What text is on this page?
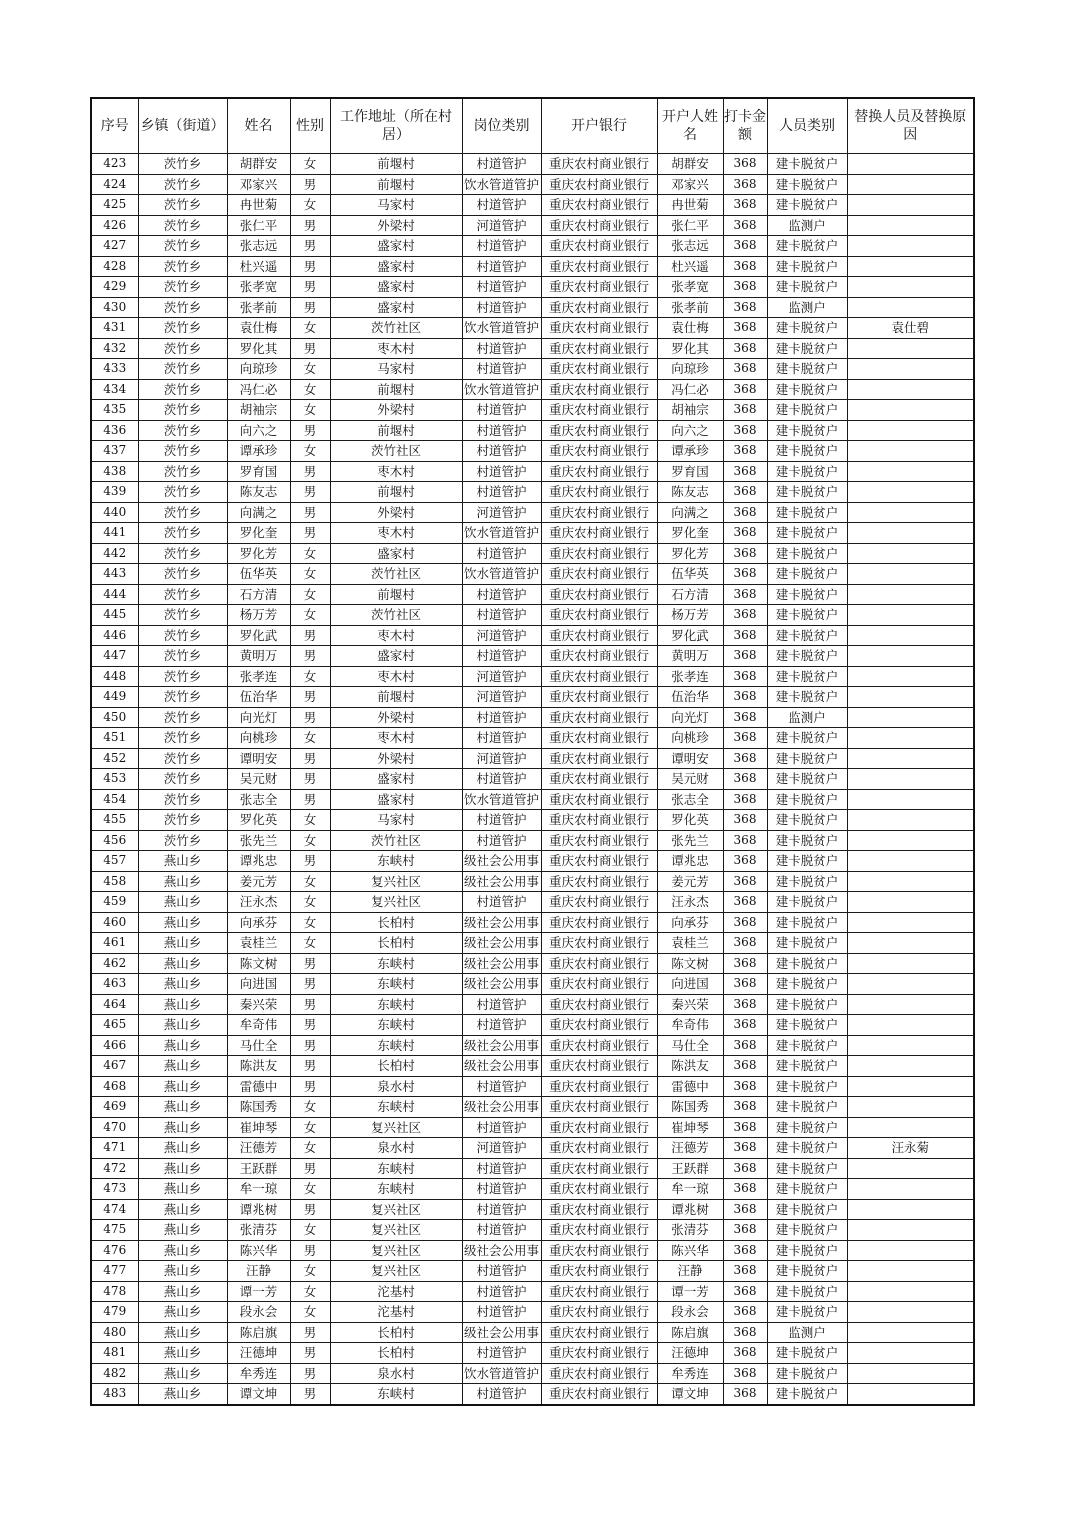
序号	乡镇（街道）	姓名	性别	工作地址（所在村居）	岗位类别	开户银行	开户人姓名	打卡金额	人员类别	替换人员及替换原因
423	茨竹乡	胡群安	女	前堰村	村道管护	重庆农村商业银行	胡群安	368	建卡脱贫户	
424	茨竹乡	邓家兴	男	前堰村	饮水管道管护	重庆农村商业银行	邓家兴	368	建卡脱贫户	
425	茨竹乡	冉世菊	女	马家村	村道管护	重庆农村商业银行	冉世菊	368	建卡脱贫户	
426	茨竹乡	张仁平	男	外梁村	河道管护	重庆农村商业银行	张仁平	368	监测户	
427	茨竹乡	张志远	男	盛家村	村道管护	重庆农村商业银行	张志远	368	建卡脱贫户	
428	茨竹乡	杜兴遥	男	盛家村	村道管护	重庆农村商业银行	杜兴遥	368	建卡脱贫户	
429	茨竹乡	张孝宽	男	盛家村	村道管护	重庆农村商业银行	张孝宽	368	建卡脱贫户	
430	茨竹乡	张孝前	男	盛家村	村道管护	重庆农村商业银行	张孝前	368	监测户	
431	茨竹乡	袁仕梅	女	茨竹社区	饮水管道管护	重庆农村商业银行	袁仕梅	368	建卡脱贫户	袁仕碧
432	茨竹乡	罗化其	男	枣木村	村道管护	重庆农村商业银行	罗化其	368	建卡脱贫户	
433	茨竹乡	向琼珍	女	马家村	村道管护	重庆农村商业银行	向琼珍	368	建卡脱贫户	
434	茨竹乡	冯仁必	女	前堰村	饮水管道管护	重庆农村商业银行	冯仁必	368	建卡脱贫户	
435	茨竹乡	胡袖宗	女	外梁村	村道管护	重庆农村商业银行	胡袖宗	368	建卡脱贫户	
436	茨竹乡	向六之	男	前堰村	村道管护	重庆农村商业银行	向六之	368	建卡脱贫户	
437	茨竹乡	谭承珍	女	茨竹社区	村道管护	重庆农村商业银行	谭承珍	368	建卡脱贫户	
438	茨竹乡	罗育国	男	枣木村	村道管护	重庆农村商业银行	罗育国	368	建卡脱贫户	
439	茨竹乡	陈友志	男	前堰村	村道管护	重庆农村商业银行	陈友志	368	建卡脱贫户	
440	茨竹乡	向满之	男	外梁村	河道管护	重庆农村商业银行	向满之	368	建卡脱贫户	
441	茨竹乡	罗化奎	男	枣木村	饮水管道管护	重庆农村商业银行	罗化奎	368	建卡脱贫户	
442	茨竹乡	罗化芳	女	盛家村	村道管护	重庆农村商业银行	罗化芳	368	建卡脱贫户	
443	茨竹乡	伍华英	女	茨竹社区	饮水管道管护	重庆农村商业银行	伍华英	368	建卡脱贫户	
444	茨竹乡	石方清	女	前堰村	村道管护	重庆农村商业银行	石方清	368	建卡脱贫户	
445	茨竹乡	杨万芳	女	茨竹社区	村道管护	重庆农村商业银行	杨万芳	368	建卡脱贫户	
446	茨竹乡	罗化武	男	枣木村	河道管护	重庆农村商业银行	罗化武	368	建卡脱贫户	
447	茨竹乡	黄明万	男	盛家村	村道管护	重庆农村商业银行	黄明万	368	建卡脱贫户	
448	茨竹乡	张孝连	女	枣木村	河道管护	重庆农村商业银行	张孝连	368	建卡脱贫户	
449	茨竹乡	伍治华	男	前堰村	河道管护	重庆农村商业银行	伍治华	368	建卡脱贫户	
450	茨竹乡	向光灯	男	外梁村	村道管护	重庆农村商业银行	向光灯	368	监测户	
451	茨竹乡	向桃珍	女	枣木村	村道管护	重庆农村商业银行	向桃珍	368	建卡脱贫户	
452	茨竹乡	谭明安	男	外梁村	河道管护	重庆农村商业银行	谭明安	368	建卡脱贫户	
453	茨竹乡	吴元财	男	盛家村	村道管护	重庆农村商业银行	吴元财	368	建卡脱贫户	
454	茨竹乡	张志全	男	盛家村	饮水管道管护	重庆农村商业银行	张志全	368	建卡脱贫户	
455	茨竹乡	罗化英	女	马家村	村道管护	重庆农村商业银行	罗化英	368	建卡脱贫户	
456	茨竹乡	张先兰	女	茨竹社区	村道管护	重庆农村商业银行	张先兰	368	建卡脱贫户	
457	燕山乡	谭兆忠	男	东峡村	级社会公用事	重庆农村商业银行	谭兆忠	368	建卡脱贫户	
458	燕山乡	姜元芳	女	复兴社区	级社会公用事	重庆农村商业银行	姜元芳	368	建卡脱贫户	
459	燕山乡	汪永杰	女	复兴社区	村道管护	重庆农村商业银行	汪永杰	368	建卡脱贫户	
460	燕山乡	向承芬	女	长柏村	级社会公用事	重庆农村商业银行	向承芬	368	建卡脱贫户	
461	燕山乡	袁桂兰	女	长柏村	级社会公用事	重庆农村商业银行	袁桂兰	368	建卡脱贫户	
462	燕山乡	陈文树	男	东峡村	级社会公用事	重庆农村商业银行	陈文树	368	建卡脱贫户	
463	燕山乡	向进国	男	东峡村	级社会公用事	重庆农村商业银行	向进国	368	建卡脱贫户	
464	燕山乡	秦兴荣	男	东峡村	村道管护	重庆农村商业银行	秦兴荣	368	建卡脱贫户	
465	燕山乡	牟奇伟	男	东峡村	村道管护	重庆农村商业银行	牟奇伟	368	建卡脱贫户	
466	燕山乡	马仕全	男	东峡村	级社会公用事	重庆农村商业银行	马仕全	368	建卡脱贫户	
467	燕山乡	陈洪友	男	长柏村	级社会公用事	重庆农村商业银行	陈洪友	368	建卡脱贫户	
468	燕山乡	雷德中	男	泉水村	村道管护	重庆农村商业银行	雷德中	368	建卡脱贫户	
469	燕山乡	陈国秀	女	东峡村	级社会公用事	重庆农村商业银行	陈国秀	368	建卡脱贫户	
470	燕山乡	崔坤琴	女	复兴社区	村道管护	重庆农村商业银行	崔坤琴	368	建卡脱贫户	
471	燕山乡	汪德芳	女	泉水村	河道管护	重庆农村商业银行	汪德芳	368	建卡脱贫户	汪永菊
472	燕山乡	王跃群	男	东峡村	村道管护	重庆农村商业银行	王跃群	368	建卡脱贫户	
473	燕山乡	牟一琼	女	东峡村	村道管护	重庆农村商业银行	牟一琼	368	建卡脱贫户	
474	燕山乡	谭兆树	男	复兴社区	村道管护	重庆农村商业银行	谭兆树	368	建卡脱贫户	
475	燕山乡	张清芬	女	复兴社区	村道管护	重庆农村商业银行	张清芬	368	建卡脱贫户	
476	燕山乡	陈兴华	男	复兴社区	级社会公用事	重庆农村商业银行	陈兴华	368	建卡脱贫户	
477	燕山乡	汪静	女	复兴社区	村道管护	重庆农村商业银行	汪静	368	建卡脱贫户	
478	燕山乡	谭一芳	女	沱基村	村道管护	重庆农村商业银行	谭一芳	368	建卡脱贫户	
479	燕山乡	段永会	女	沱基村	村道管护	重庆农村商业银行	段永会	368	建卡脱贫户	
480	燕山乡	陈启旗	男	长柏村	级社会公用事	重庆农村商业银行	陈启旗	368	监测户	
481	燕山乡	汪德坤	男	长柏村	村道管护	重庆农村商业银行	汪德坤	368	建卡脱贫户	
482	燕山乡	牟秀连	男	泉水村	饮水管道管护	重庆农村商业银行	牟秀连	368	建卡脱贫户	
483	燕山乡	谭文坤	男	东峡村	村道管护	重庆农村商业银行	谭文坤	368	建卡脱贫户	
